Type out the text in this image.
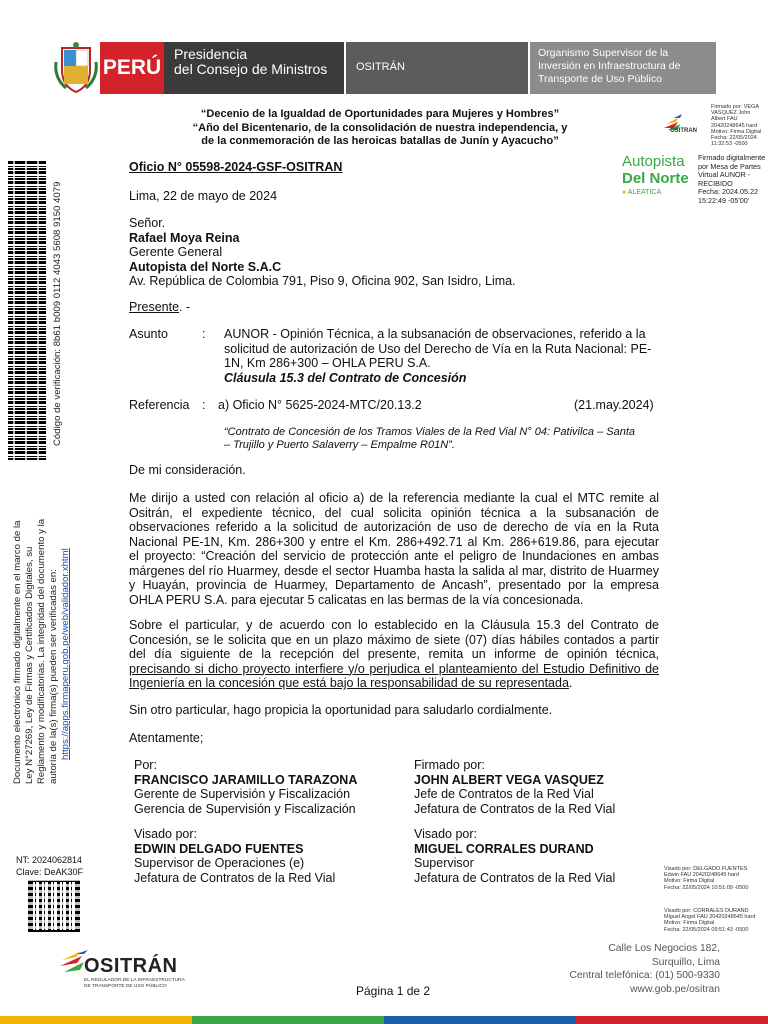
PERÚ
Presidencia
del Consejo de Ministros	OSITRÁN
Organismo Supervisor de la
Inversión en Infraestructura de
Transporte de Uso Público
“Decenio de la Igualdad de Oportunidades para Mujeres y Hombres”
“Año del Bicentenario, de la consolidación de nuestra independencia, y
de la conmemoración de las heroicas batallas de Junín y Ayacucho”
OSITRAN
Firmado por: VEGA
VASQUEZ John
Albert FAU
20420248645 hard
Motivo: Firma Digital
Fecha: 22/05/2024
11:32:53 -0500
Autopista
Del Norte
● ALEATICA
Firmado digitalmente
por Mesa de Partes
Virtual AUNOR -
RECIBIDO
Fecha: 2024.05.22
15:22:49 -05'00'
Código de verificación: 8b61 b009 0112 4043 5608 9150 4079
Documento electrónico firmado digitalmente en el marco de la Ley N°27269, Ley de Firmas y Certificados Digitales, su Reglamento y modificatorias. La integridad del documento y la autoría de la(s) firma(s) pueden ser verificadas en: https://apps.firmaperu.gob.pe/web/validador.xhtml
NT: 2024062814
Clave: DeAK30F
Oficio N° 05598-2024-GSF-OSITRAN
Lima, 22 de mayo de 2024
Señor.
Rafael Moya Reina
Gerente General
Autopista del Norte S.A.C
Av. República de Colombia 791, Piso 9, Oficina 902, San Isidro, Lima.
Presente. -
Asunto	: AUNOR - Opinión Técnica, a la subsanación de observaciones, referido a la
solicitud de autorización de Uso del Derecho de Vía en la Ruta Nacional: PE-
1N, Km 286+300 – OHLA PERU S.A.
Cláusula 15.3 del Contrato de Concesión
Referencia : a) Oficio N° 5625-2024-MTC/20.13.2	(21.may.2024)
“Contrato de Concesión de los Tramos Viales de la Red Vial N° 04: Pativilca – Santa
– Trujillo y Puerto Salaverry – Empalme R01N”.
De mi consideración.
Me dirijo a usted con relación al oficio a) de la referencia mediante la cual el MTC remite al
Ositrán, el expediente técnico, del cual solicita opinión técnica a la subsanación de
observaciones referido a la solicitud de autorización de uso de derecho de vía en la Ruta
Nacional PE-1N, Km. 286+300 y entre el Km. 286+492.71 al Km. 286+619.86, para ejecutar
el proyecto: “Creación del servicio de protección ante el peligro de Inundaciones en ambas
márgenes del río Huarmey, desde el sector Huamba hasta la salida al mar, distrito de Huarmey
y Huayán, provincia de Huarmey, Departamento de Ancash”, presentado por la empresa
OHLA PERU S.A. para ejecutar 5 calicatas en las bermas de la vía concesionada.
Sobre el particular, y de acuerdo con lo establecido en la Cláusula 15.3 del Contrato de
Concesión, se le solicita que en un plazo máximo de siete (07) días hábiles contados a partir
del día siguiente de la recepción del presente, remita un informe de opinión técnica,
precisando si dicho proyecto interfiere y/o perjudica el planteamiento del Estudio Definitivo de
Ingeniería en la concesión que está bajo la responsabilidad de su representada.
Sin otro particular, hago propicia la oportunidad para saludarlo cordialmente.
Atentamente;
Por:
FRANCISCO JARAMILLO TARAZONA
Gerente de Supervisión y Fiscalización
Gerencia de Supervisión y Fiscalización
Firmado por:
JOHN ALBERT VEGA VASQUEZ
Jefe de Contratos de la Red Vial
Jefatura de Contratos de la Red Vial
Visado por:
EDWIN DELGADO FUENTES
Supervisor de Operaciones (e)
Jefatura de Contratos de la Red Vial
Visado por:
MIGUEL CORRALES DURAND
Supervisor
Jefatura de Contratos de la Red Vial
Visado por: DELGADO FUENTES
Edwin FAU 20420248645 hard
Motivo: Firma Digital
Fecha: 22/05/2024 10:51:09 -0500
Visado por: CORRALES DURAND
Miguel Angel FAU 20420248645 hard
Motivo: Firma Digital
Fecha: 22/05/2024 09:51:43 -0500
OSITRÁN
EL REGULADOR DE LA INFRAESTRUCTURA
DE TRANSPORTE DE USO PÚBLICO	Página 1 de 2
Calle Los Negocios 182,
Surquillo, Lima
Central telefónica: (01) 500-9330
www.gob.pe/ositran
